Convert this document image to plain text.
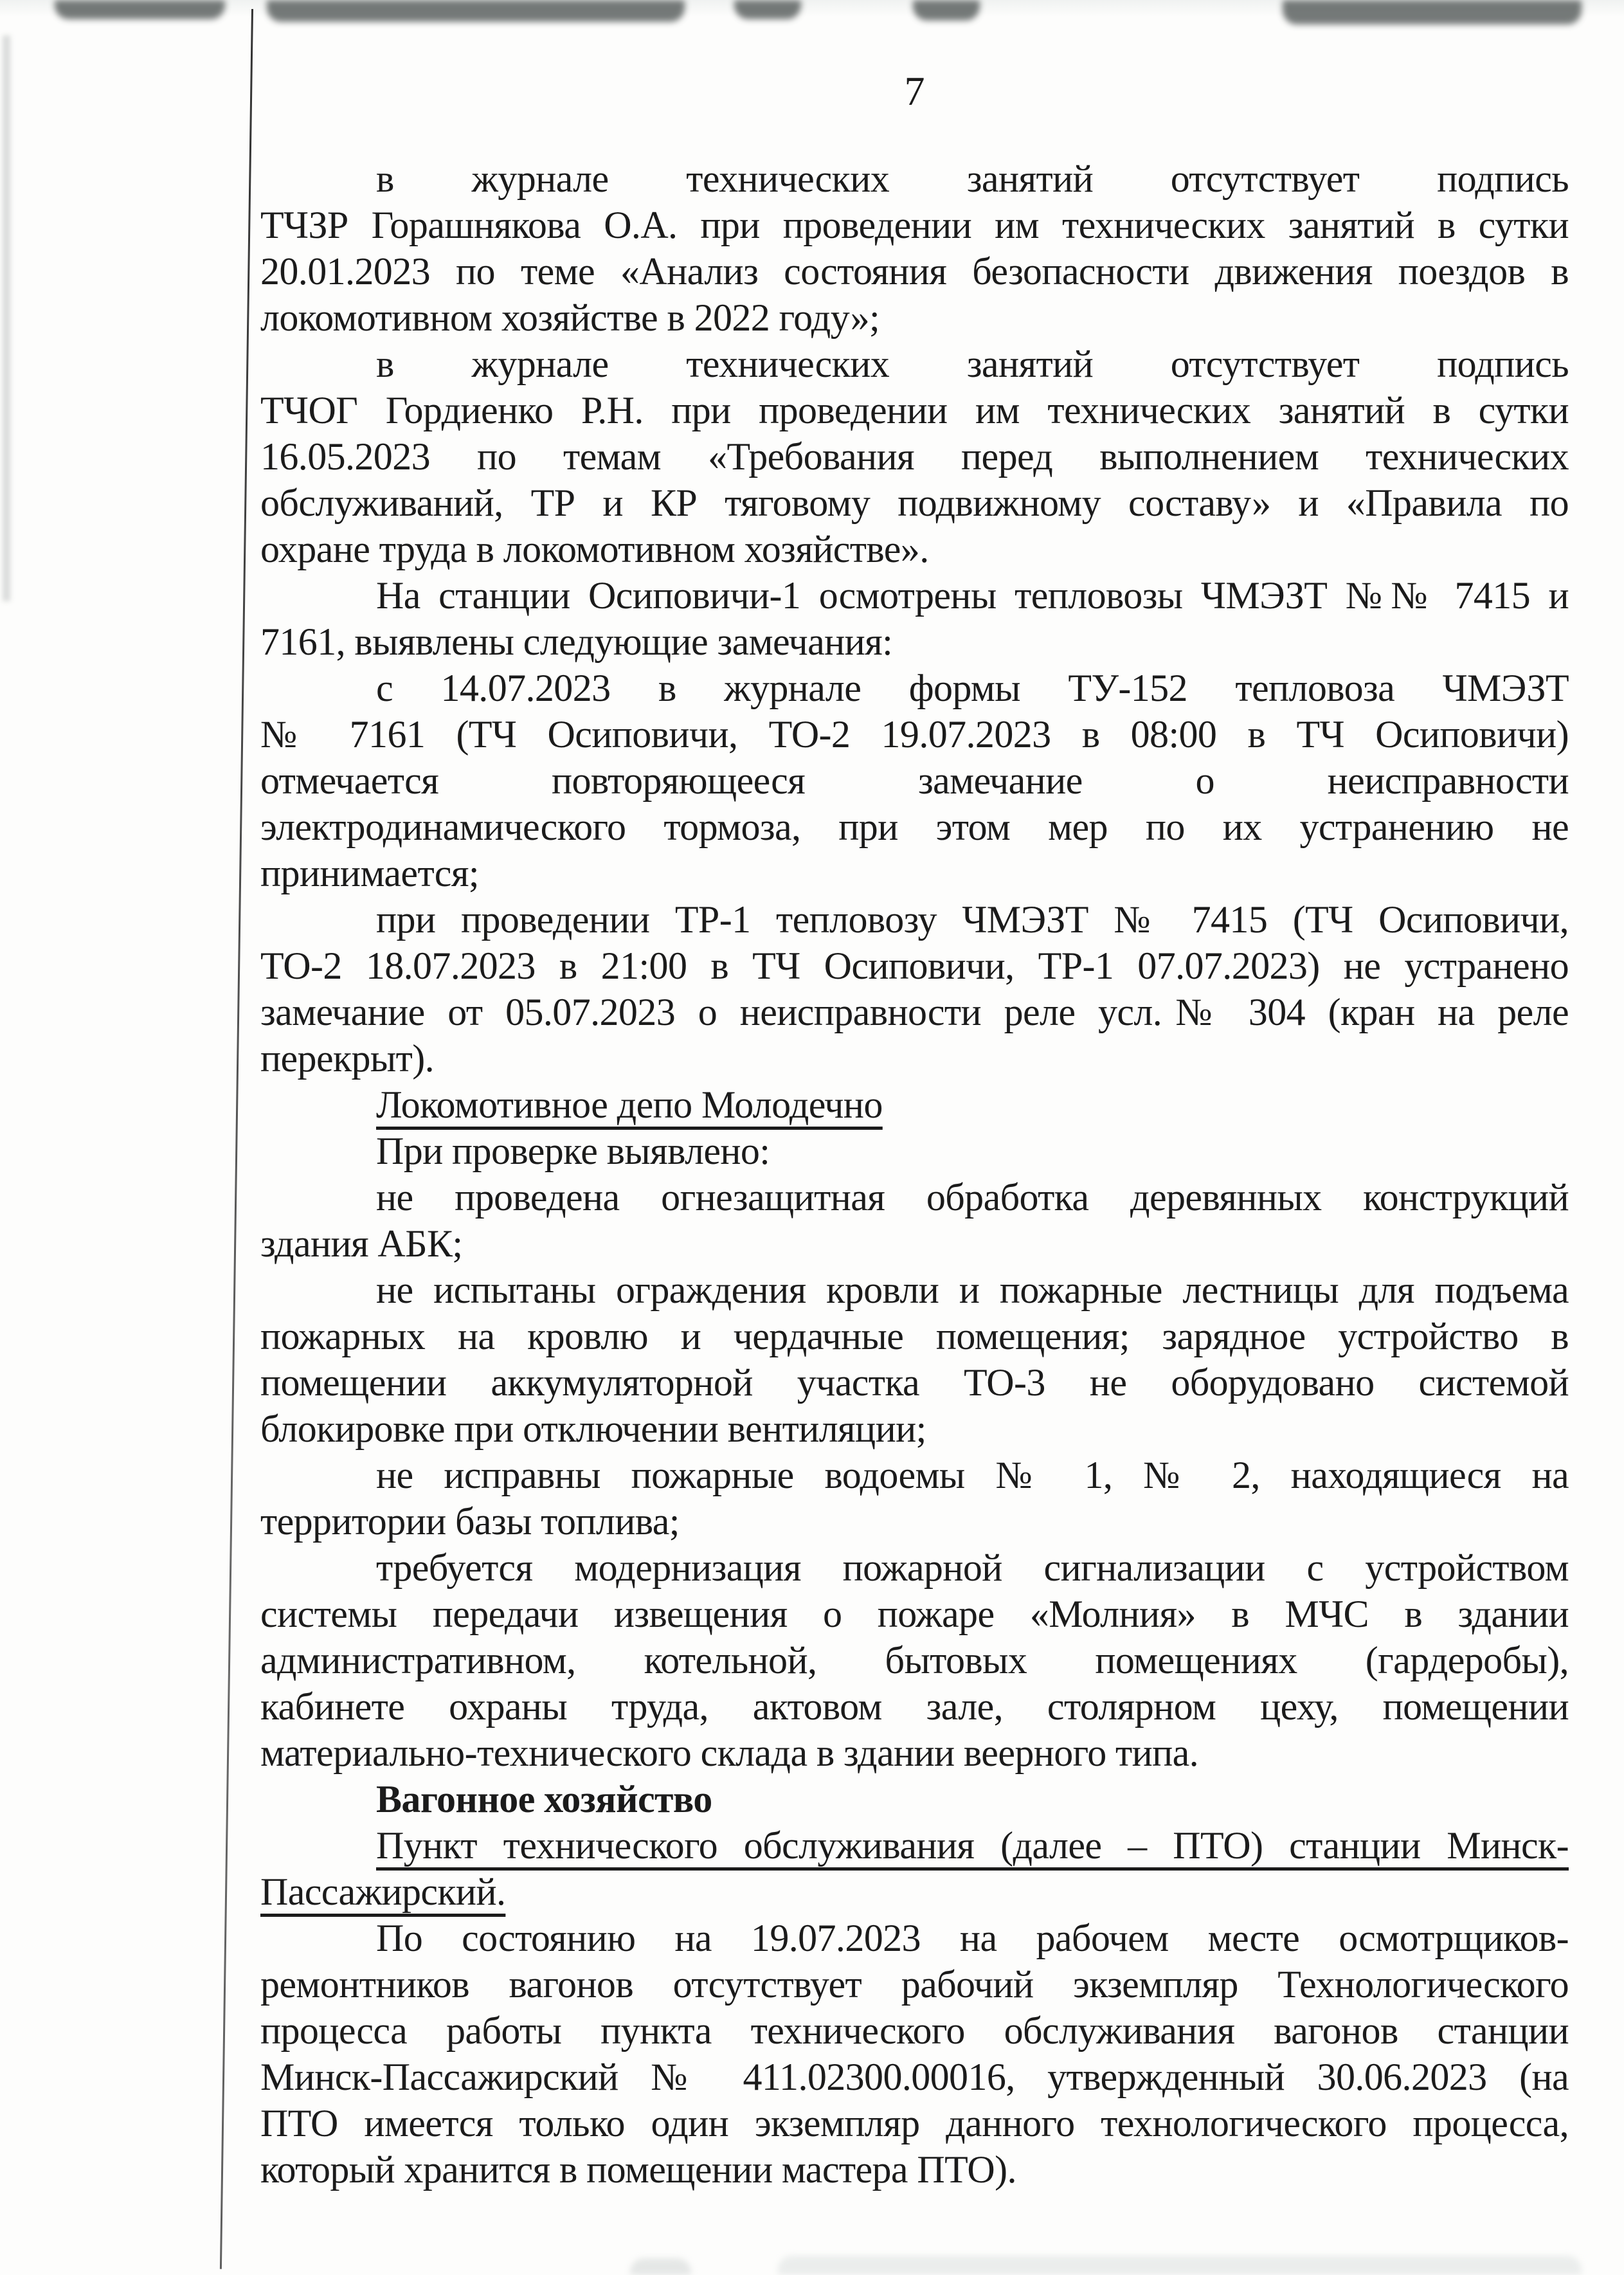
7
в журнале технических занятий отсутствует подпись
ТЧЗР Горашнякова О.А. при проведении им технических занятий в сутки
20.01.2023 по теме «Анализ состояния безопасности движения поездов в
локомотивном хозяйстве в 2022 году»;
в журнале технических занятий отсутствует подпись
ТЧОГ Гордиенко Р.Н. при проведении им технических занятий в сутки
16.05.2023 по темам «Требования перед выполнением технических
обслуживаний, ТР и КР тяговому подвижному составу» и «Правила по
охране труда в локомотивном хозяйстве».
На станции Осиповичи-1 осмотрены тепловозы ЧМЭЗТ №№ 7415 и
7161, выявлены следующие замечания:
с 14.07.2023 в журнале формы ТУ-152 тепловоза ЧМЭЗТ
№ 7161 (ТЧ Осиповичи, ТО-2 19.07.2023 в 08:00 в ТЧ Осиповичи)
отмечается повторяющееся замечание о неисправности
электродинамического тормоза, при этом мер по их устранению не
принимается;
при проведении ТР-1 тепловозу ЧМЭЗТ № 7415 (ТЧ Осиповичи,
ТО-2 18.07.2023 в 21:00 в ТЧ Осиповичи, ТР-1 07.07.2023) не устранено
замечание от 05.07.2023 о неисправности реле усл.№ 304 (кран на реле
перекрыт).
Локомотивное депо Молодечно
При проверке выявлено:
не проведена огнезащитная обработка деревянных конструкций
здания АБК;
не испытаны ограждения кровли и пожарные лестницы для подъема
пожарных на кровлю и чердачные помещения; зарядное устройство в
помещении аккумуляторной участка ТО-3 не оборудовано системой
блокировке при отключении вентиляции;
не исправны пожарные водоемы № 1, № 2, находящиеся на
территории базы топлива;
требуется модернизация пожарной сигнализации с устройством
системы передачи извещения о пожаре «Молния» в МЧС в здании
административном, котельной, бытовых помещениях (гардеробы),
кабинете охраны труда, актовом зале, столярном цеху, помещении
материально-технического склада в здании веерного типа.
Вагонное хозяйство
Пункт технического обслуживания (далее – ПТО) станции Минск-
Пассажирский.
По состоянию на 19.07.2023 на рабочем месте осмотрщиков-
ремонтников вагонов отсутствует рабочий экземпляр Технологического
процесса работы пункта технического обслуживания вагонов станции
Минск-Пассажирский № 411.02300.00016, утвержденный 30.06.2023 (на
ПТО имеется только один экземпляр данного технологического процесса,
который хранится в помещении мастера ПТО).
